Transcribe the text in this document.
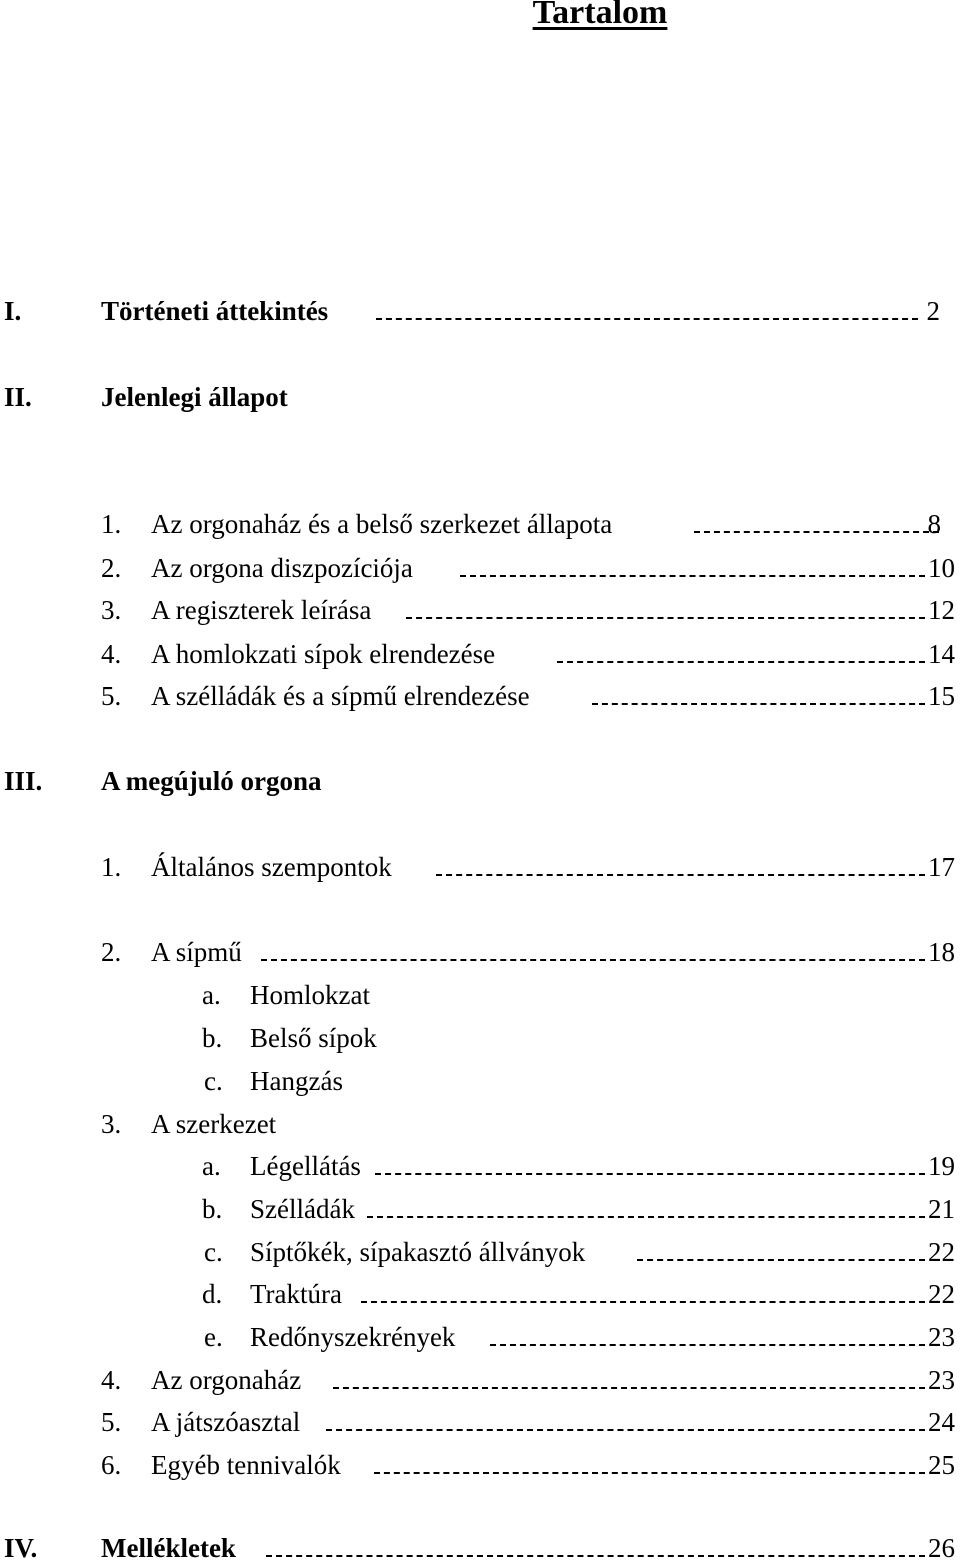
Tartalom
I.	Történeti áttekintés	2
II.	Jelenlegi állapot
1. Az orgonaház és a belső szerkezet állapota	8
2. Az orgona diszpozíciója	10
3. A regiszterek leírása	12
4. A homlokzati sípok elrendezése	14
5. A szélládák és a sípmű elrendezése	15
III. A megújuló orgona
1. Általános szempontok	17
2. A sípmű	18
a. Homlokzat
b. Belső sípok
c. Hangzás
3. A szerkezet
a. Légellátás	19
b. Szélládák	21
c. Síptőkék, sípakasztó állványok	22
d. Traktúra	22
e. Redőnyszekrények	23
4. Az orgonaház	23
5. A játszóasztal	24
6. Egyéb tennivalók	25
IV. Mellékletek	26
